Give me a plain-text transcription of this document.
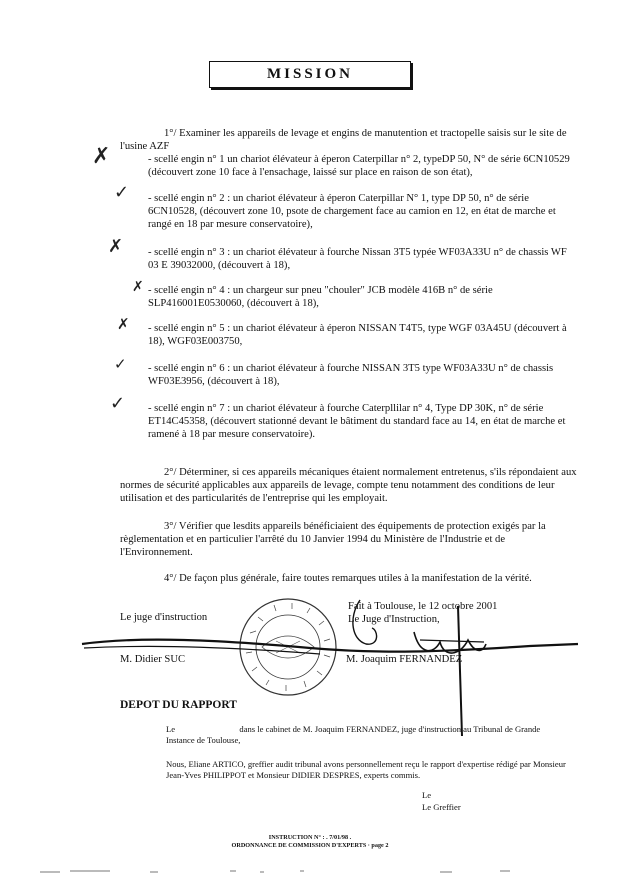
MISSION

1°/ Examiner les appareils de levage et engins de manutention et tractopelle saisis sur le site de l'usine AZF

- scellé engin n° 1 un chariot élévateur à éperon Caterpillar n° 2, typeDP 50, N° de série 6CN10529 (découvert zone 10 face à l'ensachage, laissé sur place en raison de son état),

- scellé engin n° 2 : un chariot élévateur à éperon Caterpillar N° 1, type DP 50, n° de série 6CN10528, (découvert zone 10, psote de chargement face au camion en 12, en état de marche et rangé en 18 par mesure conservatoire),

- scellé engin n° 3 : un chariot élévateur à fourche Nissan 3T5 typée WF03A33U n° de chassis WF 03 E 39032000, (découvert à 18),

- scellé engin n° 4 : un chargeur sur pneu "chouler" JCB modèle 416B n° de série SLP416001E0530060, (découvert à 18),

- scellé engin n° 5 : un chariot élévateur à éperon NISSAN T4T5, type WGF 03A45U (découvert à 18), WGF03E003750,

- scellé engin n° 6 : un chariot élévateur à fourche NISSAN 3T5 type WF03A33U n° de chassis WF03E3956, (découvert à 18),

- scellé engin n° 7 : un chariot élévateur à fourche Caterpllilar n° 4, Type DP 30K, n° de série ET14C45358, (découvert stationné devant le bâtiment du standard face au 14, en état de marche et ramené à 18 par mesure conservatoire).

✗
✓
✗
✗
✗
✓
✓

2°/ Déterminer, si ces appareils mécaniques étaient normalement entretenus, s'ils répondaient aux normes de sécurité applicables aux appareils de levage, compte tenu notamment des conditions de leur utilisation et des particularités de l'entreprise qui les employait.

3°/ Vérifier que lesdits appareils bénéficiaient des équipements de protection exigés par la règlementation et en particulier l'arrêté du 10 Janvier 1994 du Ministère de l'Industrie et de l'Environnement.

4°/ De façon plus générale, faire toutes remarques utiles à la manifestation de la vérité.

Fait à Toulouse, le 12 octobre 2001
Le Juge d'Instruction,
Le juge d'instruction
M. Didier SUC	M. Joaquim FERNANDEZ
DEPOT DU RAPPORT

Le	dans le cabinet de M. Joaquim FERNANDEZ, juge d'instruction au Tribunal de Grande Instance de Toulouse,

Nous, Eliane ARTICO, greffier audit tribunal avons personnellement reçu le rapport d'expertise rédigé par Monsieur Jean-Yves PHILIPPOT et Monsieur DIDIER DESPRES, experts commis.

Le
Le Greffier
INSTRUCTION N° : . 7/01/98 .
ORDONNANCE DE COMMISSION D'EXPERTS · page 2
